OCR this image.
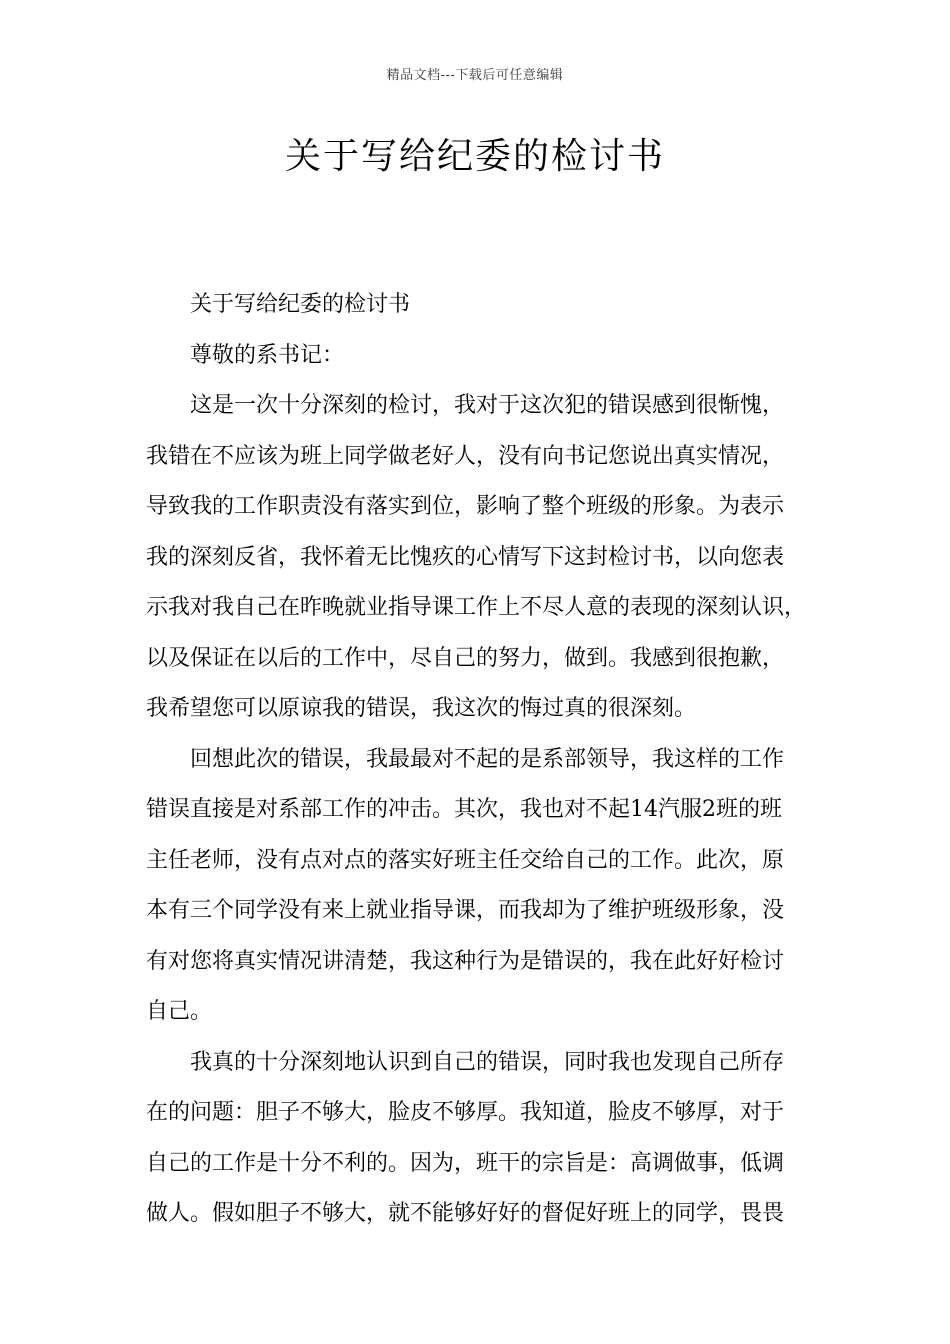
精品文档---下载后可任意编辑
关于写给纪委的检讨书
关于写给纪委的检讨书
尊敬的系书记：
这是一次十分深刻的检讨，我对于这次犯的错误感到很惭愧，
我错在不应该为班上同学做老好人，没有向书记您说出真实情况，
导致我的工作职责没有落实到位，影响了整个班级的形象。为表示
我的深刻反省，我怀着无比愧疚的心情写下这封检讨书，以向您表
示我对我自己在昨晚就业指导课工作上不尽人意的表现的深刻认识，
以及保证在以后的工作中，尽自己的努力，做到。我感到很抱歉，
我希望您可以原谅我的错误，我这次的悔过真的很深刻。
回想此次的错误，我最最对不起的是系部领导，我这样的工作
错误直接是对系部工作的冲击。其次，我也对不起14汽服2班的班
主任老师，没有点对点的落实好班主任交给自己的工作。此次，原
本有三个同学没有来上就业指导课，而我却为了维护班级形象，没
有对您将真实情况讲清楚，我这种行为是错误的，我在此好好检讨
自己。
我真的十分深刻地认识到自己的错误，同时我也发现自己所存
在的问题：胆子不够大，脸皮不够厚。我知道，脸皮不够厚，对于
自己的工作是十分不利的。因为，班干的宗旨是：高调做事，低调
做人。假如胆子不够大，就不能够好好的督促好班上的同学，畏畏
